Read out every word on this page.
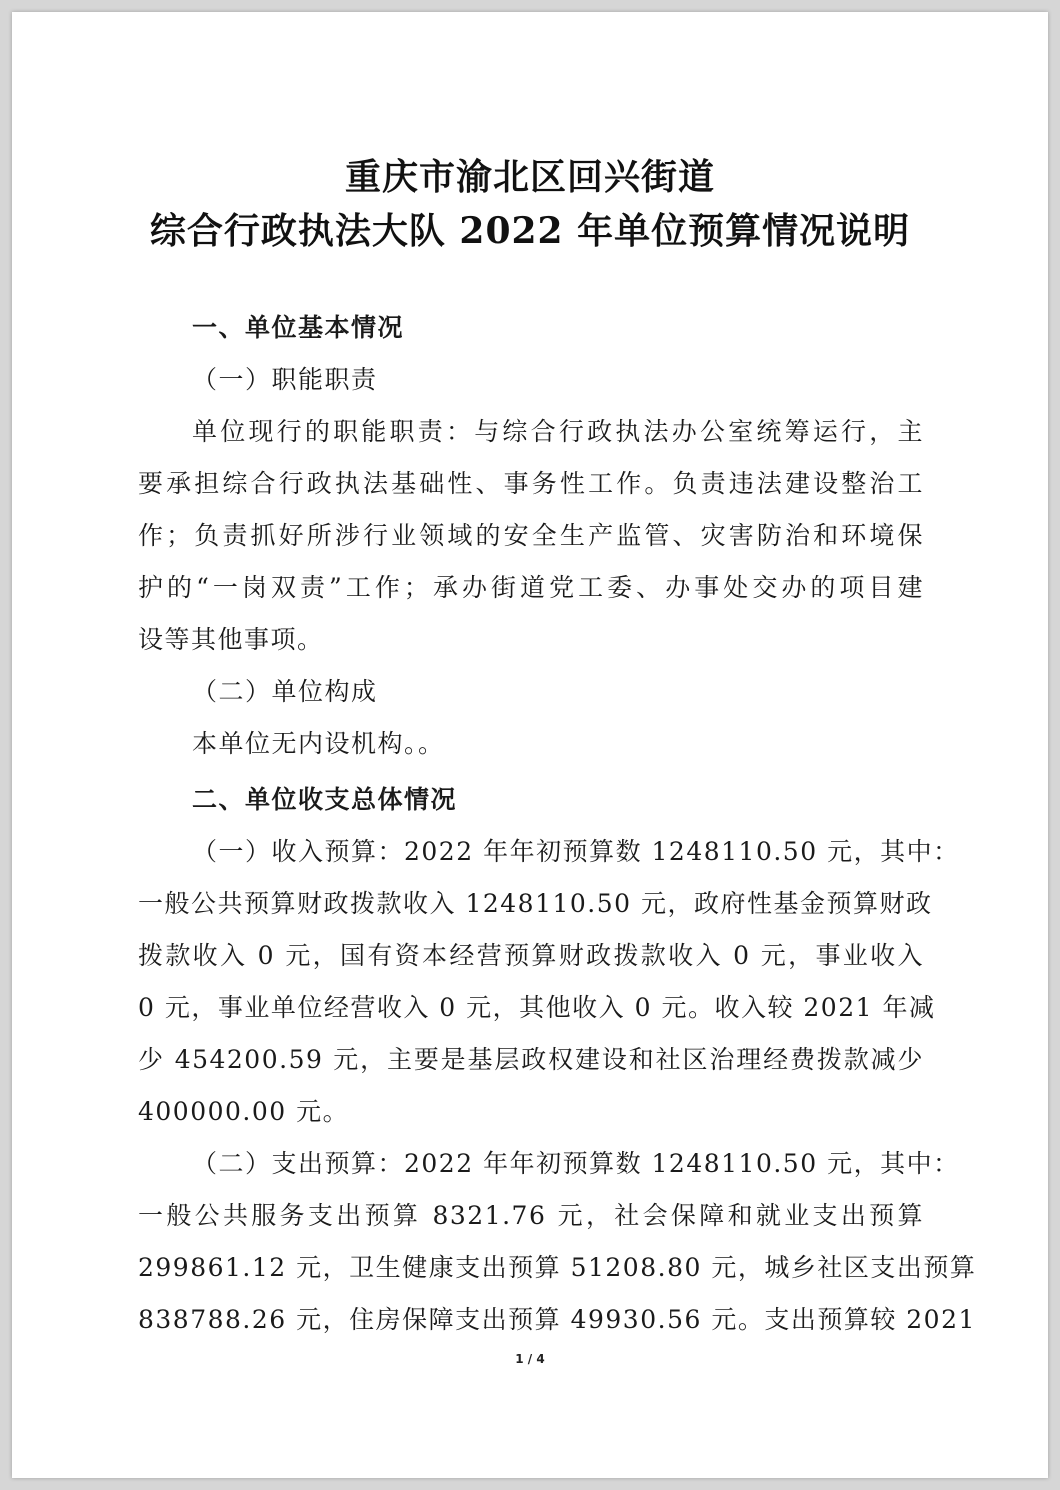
重庆市渝北区回兴街道
综合行政执法大队 2022 年单位预算情况说明
一、单位基本情况
（一）职能职责
单位现行的职能职责：与综合行政执法办公室统筹运行，主
要承担综合行政执法基础性、事务性工作。负责违法建设整治工
作；负责抓好所涉行业领域的安全生产监管、灾害防治和环境保
护的“一岗双责”工作；承办街道党工委、办事处交办的项目建
设等其他事项。
（二）单位构成
本单位无内设机构。。
二、单位收支总体情况
（一）收入预算：2022 年年初预算数 1248110.50 元，其中：
一般公共预算财政拨款收入 1248110.50 元，政府性基金预算财政
拨款收入 0 元，国有资本经营预算财政拨款收入 0 元，事业收入
0 元，事业单位经营收入 0 元，其他收入 0 元。收入较 2021 年减
少 454200.59 元，主要是基层政权建设和社区治理经费拨款减少
400000.00 元。
（二）支出预算：2022 年年初预算数 1248110.50 元，其中：
一般公共服务支出预算 8321.76 元，社会保障和就业支出预算
299861.12 元，卫生健康支出预算 51208.80 元，城乡社区支出预算
838788.26 元，住房保障支出预算 49930.56 元。支出预算较 2021
1 / 4
